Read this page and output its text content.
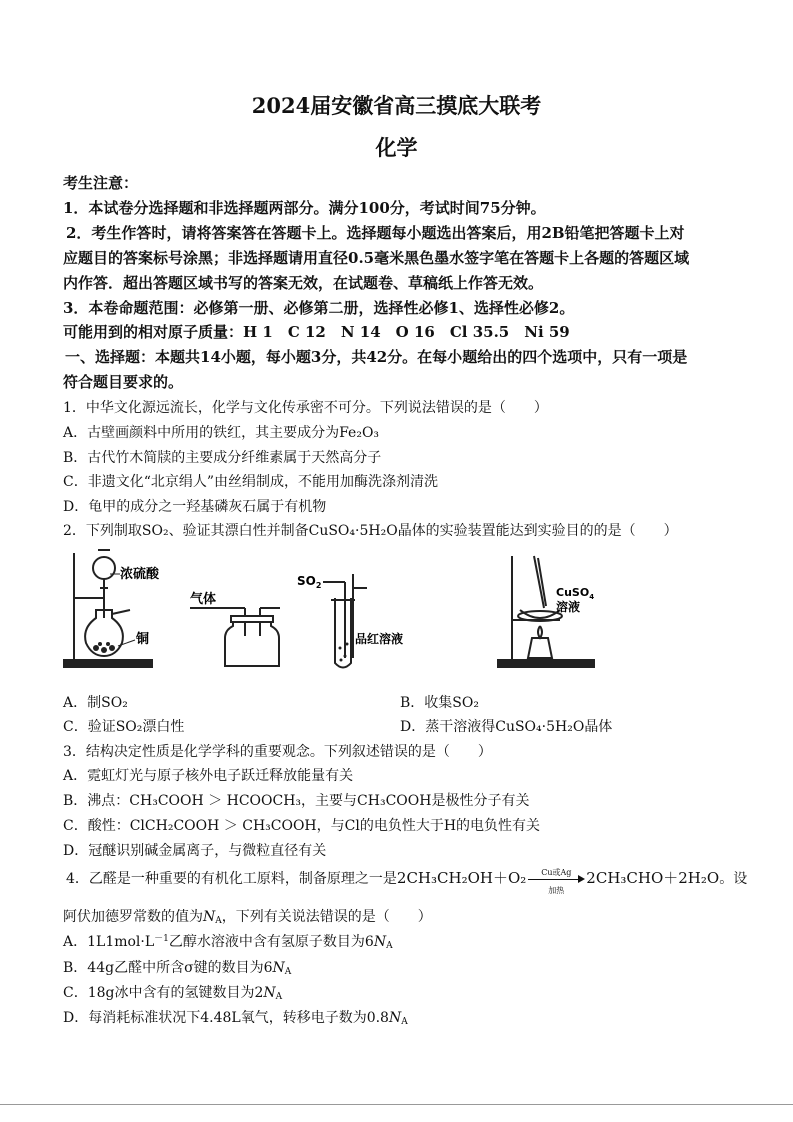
2024届安徽省高三摸底大联考
化学
考生注意：
1．本试卷分选择题和非选择题两部分。满分100分，考试时间75分钟。
2．考生作答时，请将答案答在答题卡上。选择题每小题选出答案后，用2B铅笔把答题卡上对
应题目的答案标号涂黑；非选择题请用直径0.5毫米黑色墨水签字笔在答题卡上各题的答题区域
内作答．超出答题区域书写的答案无效，在试题卷、草稿纸上作答无效。
3．本卷命题范围：必修第一册、必修第二册，选择性必修1、选择性必修2。
可能用到的相对原子质量：H 1　C 12　N 14　O 16　Cl 35.5　Ni 59
一、选择题：本题共14小题，每小题3分，共42分。在每小题给出的四个选项中，只有一项是
符合题目要求的。
1．中华文化源远流长，化学与文化传承密不可分。下列说法错误的是（　　）
A．古壁画颜料中所用的铁红，其主要成分为Fe₂O₃
B．古代竹木简牍的主要成分纤维素属于天然高分子
C．非遗文化“北京绢人”由丝绢制成，不能用加酶洗涤剂清洗
D．龟甲的成分之一羟基磷灰石属于有机物
2．下列制取SO₂、验证其漂白性并制备CuSO₄·5H₂O晶体的实验装置能达到实验目的的是（　　）
浓硫酸
铜
气体
$SO_2$
品红溶液
CuSO$_4$
溶液
A．制SO₂	B．收集SO₂
C．验证SO₂漂白性	D．蒸干溶液得CuSO₄·5H₂O晶体
3．结构决定性质是化学学科的重要观念。下列叙述错误的是（　　）
A．霓虹灯光与原子核外电子跃迁释放能量有关
B．沸点：CH₃COOH ＞ HCOOCH₃，主要与CH₃COOH是极性分子有关
C．酸性：ClCH₂COOH ＞ CH₃COOH，与Cl的电负性大于H的电负性有关
D．冠醚识别碱金属离子，与微粒直径有关
4．乙醛是一种重要的有机化工原料，制备原理之一是2CH₃CH₂OH＋O₂	Cu或Ag
加热
2CH₃CHO＋2H₂O。设
阿伏加德罗常数的值为$N_A$，下列有关说法错误的是（　　）
A．$1L1mol\cdot L^{-1}$乙醇水溶液中含有氢原子数目为$6N_A$
B．44g乙醛中所含σ键的数目为$6N_A$
C．18g冰中含有的氢键数目为$2N_A$
D．每消耗标准状况下4.48L氧气，转移电子数为$0.8N_A$
